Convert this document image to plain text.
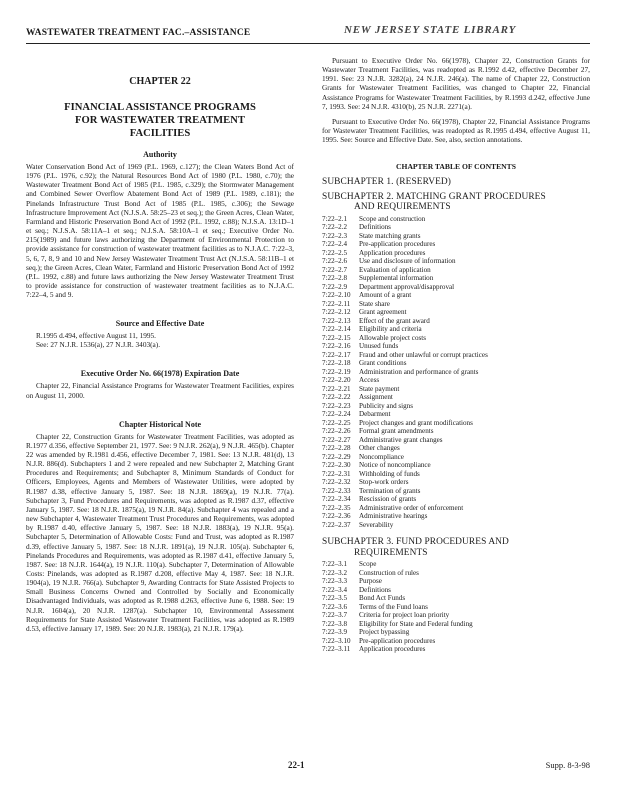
WASTEWATER TREATMENT FAC.–ASSISTANCE	NEW JERSEY STATE LIBRARY
CHAPTER 22
FINANCIAL ASSISTANCE PROGRAMS
FOR WASTEWATER TREATMENT
FACILITIES
Authority

Water Conservation Bond Act of 1969 (P.L. 1969, c.127); the Clean Waters Bond Act of 1976 (P.L. 1976, c.92); the Natural Resources Bond Act of 1980 (P.L. 1980, c.70); the Wastewater Treatment Bond Act of 1985 (P.L. 1985, c.329); the Stormwater Management and Combined Sewer Overflow Abatement Bond Act of 1989 (P.L. 1989, c.181); the Pinelands Infrastructure Trust Bond Act of 1985 (P.L. 1985, c.306); the Sewage Infrastructure Improvement Act (N.J.S.A. 58:25–23 et seq.); the Green Acres, Clean Water, Farmland and Historic Preservation Bond Act of 1992 (P.L. 1992, c.88); N.J.S.A. 13:1D–1 et seq.; N.J.S.A. 58:11A–1 et seq.; N.J.S.A. 58:10A–1 et seq.; Executive Order No. 215(1989) and future laws authorizing the Department of Environmental Protection to provide assistance for construction of wastewater treatment facilities as to N.J.A.C. 7:22–3, 5, 6, 7, 8, 9 and 10 and New Jersey Wastewater Treatment Trust Act (N.J.S.A. 58:11B–1 et seq.); the Green Acres, Clean Water, Farmland and Historic Preservation Bond Act of 1992 (P.L. 1992, c.88) and future laws authorizing the New Jersey Wastewater Treatment Trust to provide assistance for construction of wastewater treatment facilities as to N.J.A.C. 7:22–4, 5 and 9.

Source and Effective Date
R.1995 d.494, effective August 11, 1995.
See: 27 N.J.R. 1536(a), 27 N.J.R. 3403(a).
Executive Order No. 66(1978) Expiration Date

Chapter 22, Financial Assistance Programs for Wastewater Treatment Facilities, expires on August 11, 2000.

Chapter Historical Note

Chapter 22, Construction Grants for Wastewater Treatment Facilities, was adopted as R.1977 d.356, effective September 21, 1977. See: 9 N.J.R. 262(a), 9 N.J.R. 465(b). Chapter 22 was amended by R.1981 d.456, effective December 7, 1981. See: 13 N.J.R. 481(d), 13 N.J.R. 886(d). Subchapters 1 and 2 were repealed and new Subchapter 2, Matching Grant Procedures and Requirements; and Subchapter 8, Minimum Standards of Conduct for Officers, Employees, Agents and Members of Wastewater Utilities, were adopted by R.1987 d.38, effective January 5, 1987. See: 18 N.J.R. 1869(a), 19 N.J.R. 77(a). Subchapter 3, Fund Procedures and Requirements, was adopted as R.1987 d.37, effective January 5, 1987. See: 18 N.J.R. 1875(a), 19 N.J.R. 84(a). Subchapter 4 was repealed and a new Subchapter 4, Wastewater Treatment Trust Procedures and Requirements, was adopted by R.1987 d.40, effective January 5, 1987. See: 18 N.J.R. 1883(a), 19 N.J.R. 95(a). Subchapter 5, Determination of Allowable Costs: Fund and Trust, was adopted as R.1987 d.39, effective January 5, 1987. See: 18 N.J.R. 1891(a), 19 N.J.R. 105(a). Subchapter 6, Pinelands Procedures and Requirements, was adopted as R.1987 d.41, effective January 5, 1987. See: 18 N.J.R. 1644(a), 19 N.J.R. 110(a). Subchapter 7, Determination of Allowable Costs: Pinelands, was adopted as R.1987 d.208, effective May 4, 1987. See: 18 N.J.R. 1904(a), 19 N.J.R. 766(a). Subchapter 9, Awarding Contracts for State Assisted Projects to Small Business Concerns Owned and Controlled by Socially and Economically Disadvantaged Individuals, was adopted as R.1988 d.263, effective June 6, 1988. See: 19 N.J.R. 1604(a), 20 N.J.R. 1287(a). Subchapter 10, Environmental Assessment Requirements for State Assisted Wastewater Treatment Facilities, was adopted as R.1989 d.53, effective January 17, 1989. See: 20 N.J.R. 1983(a), 21 N.J.R. 179(a).

Pursuant to Executive Order No. 66(1978), Chapter 22, Construction Grants for Wastewater Treatment Facilities, was readopted as R.1992 d.42, effective December 27, 1991. See: 23 N.J.R. 3282(a), 24 N.J.R. 246(a). The name of Chapter 22, Construction Grants for Wastewater Treatment Facilities, was changed to Chapter 22, Financial Assistance Programs for Wastewater Treatment Facilities, by R.1993 d.242, effective June 7, 1993. See: 24 N.J.R. 4310(b), 25 N.J.R. 2271(a).

Pursuant to Executive Order No. 66(1978), Chapter 22, Financial Assistance Programs for Wastewater Treatment Facilities, was readopted as R.1995 d.494, effective August 11, 1995. See: Source and Effective Date. See, also, section annotations.

CHAPTER TABLE OF CONTENTS
SUBCHAPTER 1. (RESERVED)
SUBCHAPTER 2. MATCHING GRANT PROCEDURES
AND REQUIREMENTS
7:22–2.1	Scope and construction
7:22–2.2	Definitions
7:22–2.3	State matching grants
7:22–2.4	Pre-application procedures
7:22–2.5	Application procedures
7:22–2.6	Use and disclosure of information
7:22–2.7	Evaluation of application
7:22–2.8	Supplemental information
7:22–2.9	Department approval/disapproval
7:22–2.10	Amount of a grant
7:22–2.11	State share
7:22–2.12	Grant agreement
7:22–2.13	Effect of the grant award
7:22–2.14	Eligibility and criteria
7:22–2.15	Allowable project costs
7:22–2.16	Unused funds
7:22–2.17	Fraud and other unlawful or corrupt practices
7:22–2.18	Grant conditions
7:22–2.19	Administration and performance of grants
7:22–2.20	Access
7:22–2.21	State payment
7:22–2.22	Assignment
7:22–2.23	Publicity and signs
7:22–2.24	Debarment
7:22–2.25	Project changes and grant modifications
7:22–2.26	Formal grant amendments
7:22–2.27	Administrative grant changes
7:22–2.28	Other changes
7:22–2.29	Noncompliance
7:22–2.30	Notice of noncompliance
7:22–2.31	Withholding of funds
7:22–2.32	Stop-work orders
7:22–2.33	Termination of grants
7:22–2.34	Rescission of grants
7:22–2.35	Administrative order of enforcement
7:22–2.36	Administrative hearings
7:22–2.37	Severability
SUBCHAPTER 3. FUND PROCEDURES AND
REQUIREMENTS
7:22–3.1	Scope
7:22–3.2	Construction of rules
7:22–3.3	Purpose
7:22–3.4	Definitions
7:22–3.5	Bond Act Funds
7:22–3.6	Terms of the Fund loans
7:22–3.7	Criteria for project loan priority
7:22–3.8	Eligibility for State and Federal funding
7:22–3.9	Project bypassing
7:22–3.10	Pre-application procedures
7:22–3.11	Application procedures
22-1	Supp. 8-3-98
